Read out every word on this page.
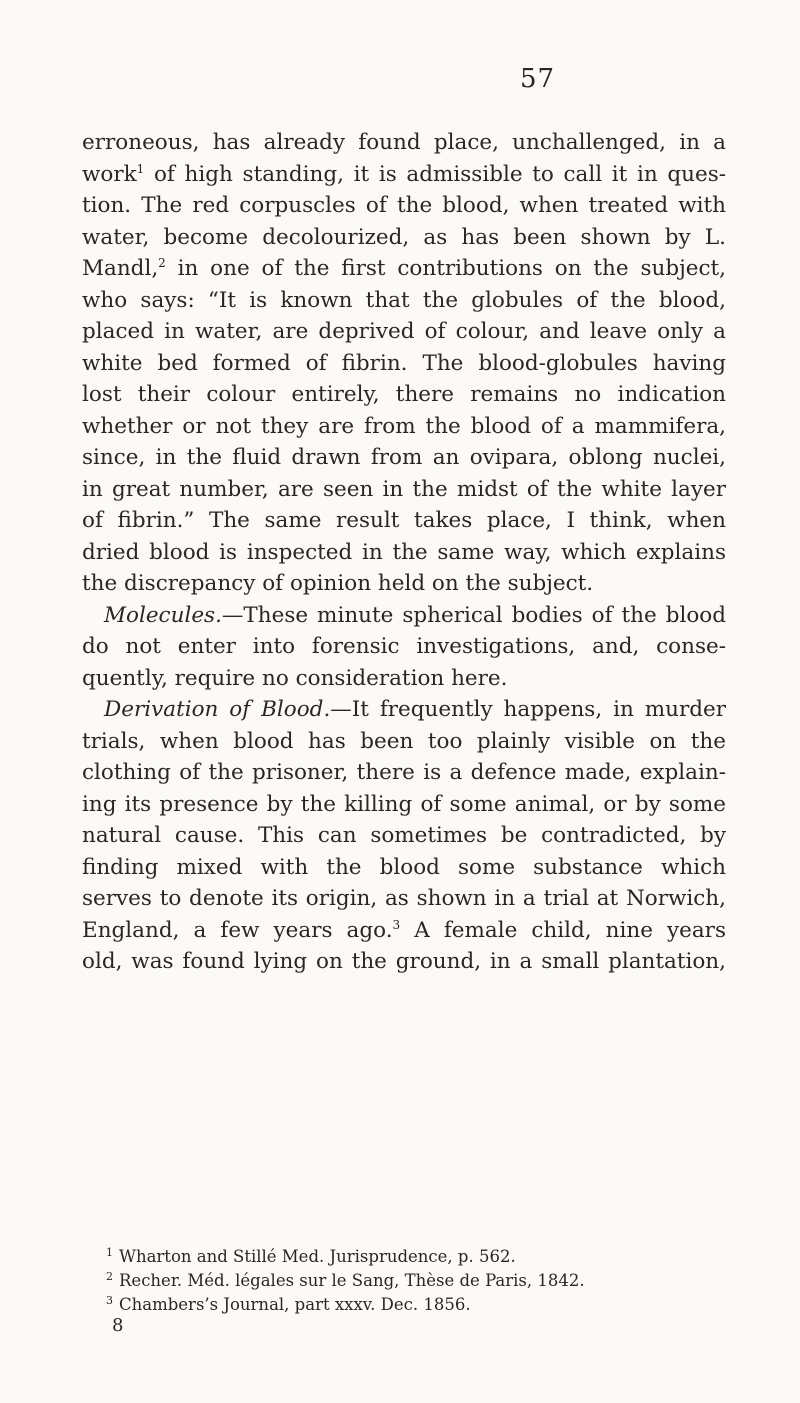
57
erroneous, has already found place, unchallenged, in a
work$^1$ of high standing, it is admissible to call it in ques-
tion. The red corpuscles of the blood, when treated with
water, become decolourized, as has been shown by L.
Mandl,$^2$ in one of the first contributions on the subject,
who says: “It is known that the globules of the blood,
placed in water, are deprived of colour, and leave only a
white bed formed of fibrin. The blood-globules having
lost their colour entirely, there remains no indication
whether or not they are from the blood of a mammifera,
since, in the fluid drawn from an ovipara, oblong nuclei,
in great number, are seen in the midst of the white layer
of fibrin.” The same result takes place, I think, when
dried blood is inspected in the same way, which explains
the discrepancy of opinion held on the subject.
Molecules.—These minute spherical bodies of the blood
do not enter into forensic investigations, and, conse-
quently, require no consideration here.
Derivation of Blood.—It frequently happens, in murder
trials, when blood has been too plainly visible on the
clothing of the prisoner, there is a defence made, explain-
ing its presence by the killing of some animal, or by some
natural cause. This can sometimes be contradicted, by
finding mixed with the blood some substance which
serves to denote its origin, as shown in a trial at Norwich,
England, a few years ago.$^3$ A female child, nine years
old, was found lying on the ground, in a small plantation,
$^1$ Wharton and Stillé Med. Jurisprudence, p. 562.
$^2$ Recher. Méd. légales sur le Sang, Thèse de Paris, 1842.
$^3$ Chambers’s Journal, part xxxv. Dec. 1856.
8
